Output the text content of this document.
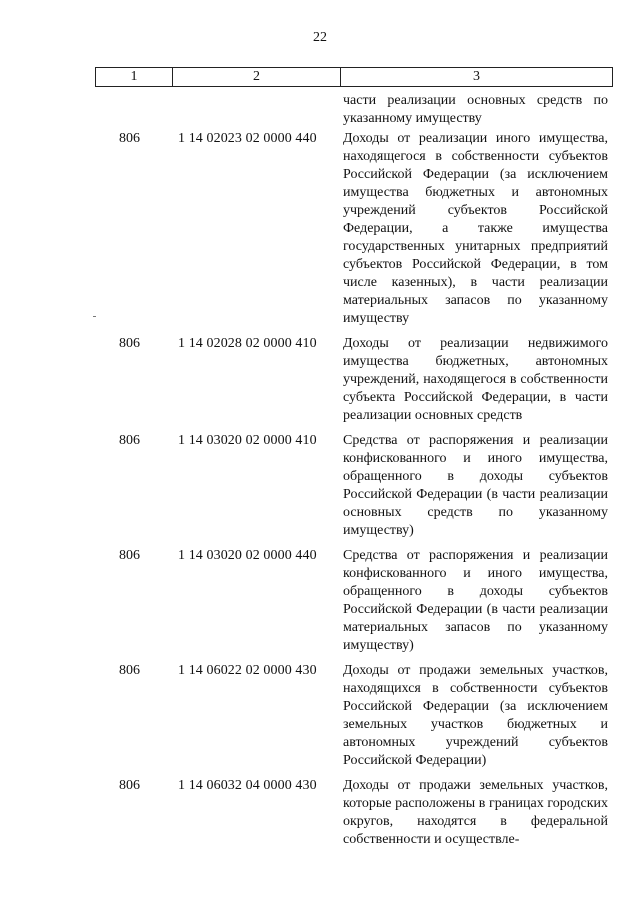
22
1	2	3
части реализации основных средств по указанному имуществу
806	1 14 02023 02 0000 440 Доходы от реализации иного имущества, находящегося в собственности субъектов Российской Федерации (за исключением имущества бюджетных и автономных учреждений субъектов Российской Федерации, а также имущества государственных унитарных предприятий субъектов Российской Федерации, в том числе казенных), в части реализации материальных запасов по указанному имуществу
806	1 14 02028 02 0000 410 Доходы от реализации недвижимого имущества бюджетных, автономных учреждений, находящегося в собственности субъекта Российской Федерации, в части реализации основных средств
806	1 14 03020 02 0000 410 Средства от распоряжения и реализации конфискованного и иного имущества, обращенного в доходы субъектов Российской Федерации (в части реализации основных средств по указанному имуществу)
806	1 14 03020 02 0000 440 Средства от распоряжения и реализации конфискованного и иного имущества, обращенного в доходы субъектов Российской Федерации (в части реализации материальных запасов по указанному имуществу)
806	1 14 06022 02 0000 430 Доходы от продажи земельных участков, находящихся в собственности субъектов Российской Федерации (за исключением земельных участков бюджетных и автономных учреждений субъектов Российской Федерации)
806	1 14 06032 04 0000 430 Доходы от продажи земельных участков, которые расположены в границах городских округов, находятся в федеральной собственности и осуществле-
